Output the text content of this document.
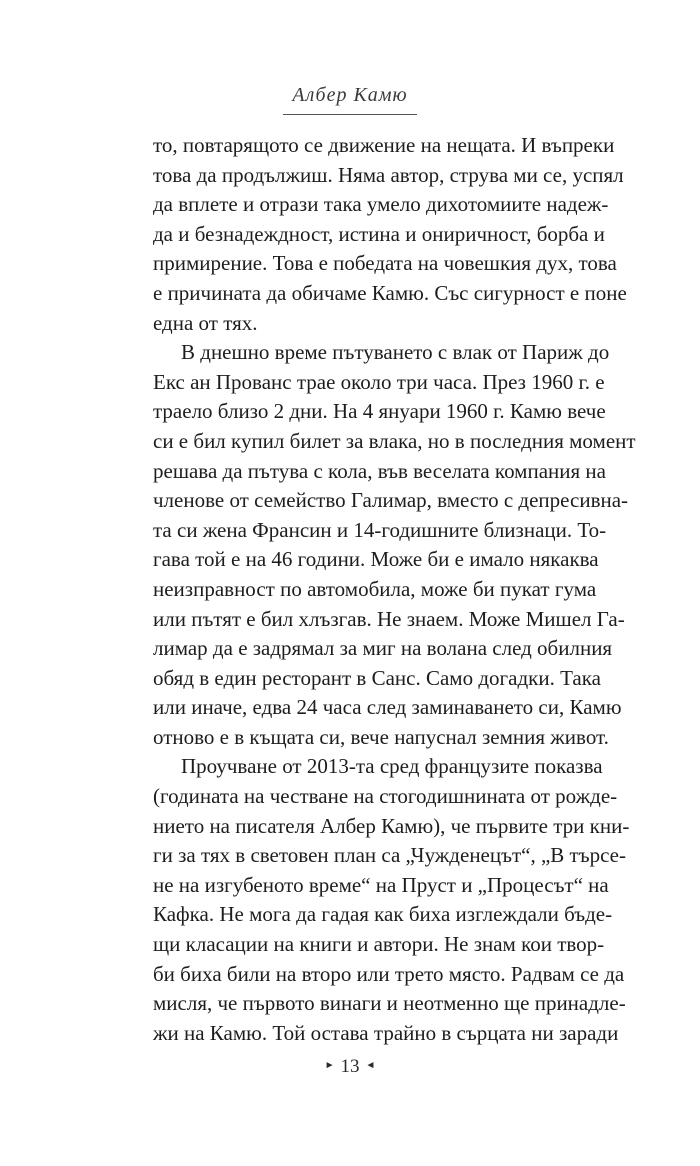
Албер Камю
то, повтарящото се движение на нещата. И въпреки
това да продължиш. Няма автор, струва ми се, успял
да вплете и отрази така умело дихотомиите надеж-
да и безнадеждност, истина и ониричност, борба и
примирение. Това е победата на човешкия дух, това
е причината да обичаме Камю. Със сигурност е поне
една от тях.
В днешно време пътуването с влак от Париж до
Екс ан Прованс трае около три часа. През 1960 г. е
траело близо 2 дни. На 4 януари 1960 г. Камю вече
си е бил купил билет за влака, но в последния момент
решава да пътува с кола, във веселата компания на
членове от семейство Галимар, вместо с депресивна-
та си жена Франсин и 14-годишните близнаци. То-
гава той е на 46 години. Може би е имало някаква
неизправност по автомобила, може би пукат гума
или пътят е бил хлъзгав. Не знаем. Може Мишел Га-
лимар да е задрямал за миг на волана след обилния
обяд в един ресторант в Санс. Само догадки. Така
или иначе, едва 24 часа след заминаването си, Камю
отново е в къщата си, вече напуснал земния живот.
Проучване от 2013-та сред французите показва
(годината на честване на стогодишнината от рожде-
нието на писателя Албер Камю), че първите три кни-
ги за тях в световен план са „Чужденецът“, „В търсе-
не на изгубеното време“ на Пруст и „Процесът“ на
Кафка. Не мога да гадая как биха изглеждали бъде-
щи класации на книги и автори. Не знам кои твор-
би биха били на второ или трето място. Радвам се да
мисля, че първото винаги и неотменно ще принадле-
жи на Камю. Той остава трайно в сърцата ни заради
► 13 ◄
